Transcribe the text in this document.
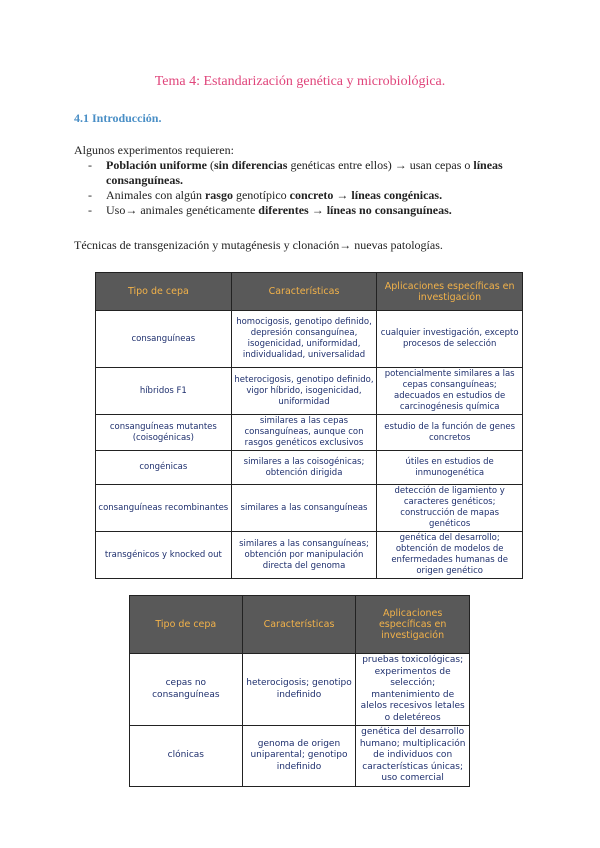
Tema 4: Estandarización genética y microbiológica.
4.1 Introducción.
Algunos experimentos requieren:
- Población uniforme (sin diferencias genéticas entre ellos) → usan cepas o líneas consanguíneas.
- Animales con algún rasgo genotípico concreto → líneas congénicas.
- Uso→ animales genéticamente diferentes → líneas no consanguíneas.
Técnicas de transgenización y mutagénesis y clonación→ nuevas patologías.
Tipo de cepa	Características	Aplicaciones específicas en investigación
consanguíneas	homocigosis, genotipo definido, depresión consanguínea, isogenicidad, uniformidad, individualidad, universalidad	cualquier investigación, excepto procesos de selección
híbridos F1	heterocigosis, genotipo definido, vigor híbrido, isogenicidad, uniformidad	potencialmente similares a las cepas consanguíneas; adecuados en estudios de carcinogénesis química
consanguíneas mutantes (coisogénicas)	similares a las cepas consanguíneas, aunque con rasgos genéticos exclusivos	estudio de la función de genes concretos
congénicas	similares a las coisogénicas; obtención dirigida	útiles en estudios de inmunogenética
consanguíneas recombinantes	similares a las consanguíneas	detección de ligamiento y caracteres genéticos; construcción de mapas genéticos
transgénicos y knocked out	similares a las consanguíneas; obtención por manipulación directa del genoma	genética del desarrollo; obtención de modelos de enfermedades humanas de origen genético
Tipo de cepa	Características	Aplicaciones específicas en investigación
cepas no consanguíneas	heterocigosis; genotipo indefinido	pruebas toxicológicas; experimentos de selección; mantenimiento de alelos recesivos letales o deletéreos
clónicas	genoma de origen uniparental; genotipo indefinido	genética del desarrollo humano; multiplicación de individuos con características únicas; uso comercial
